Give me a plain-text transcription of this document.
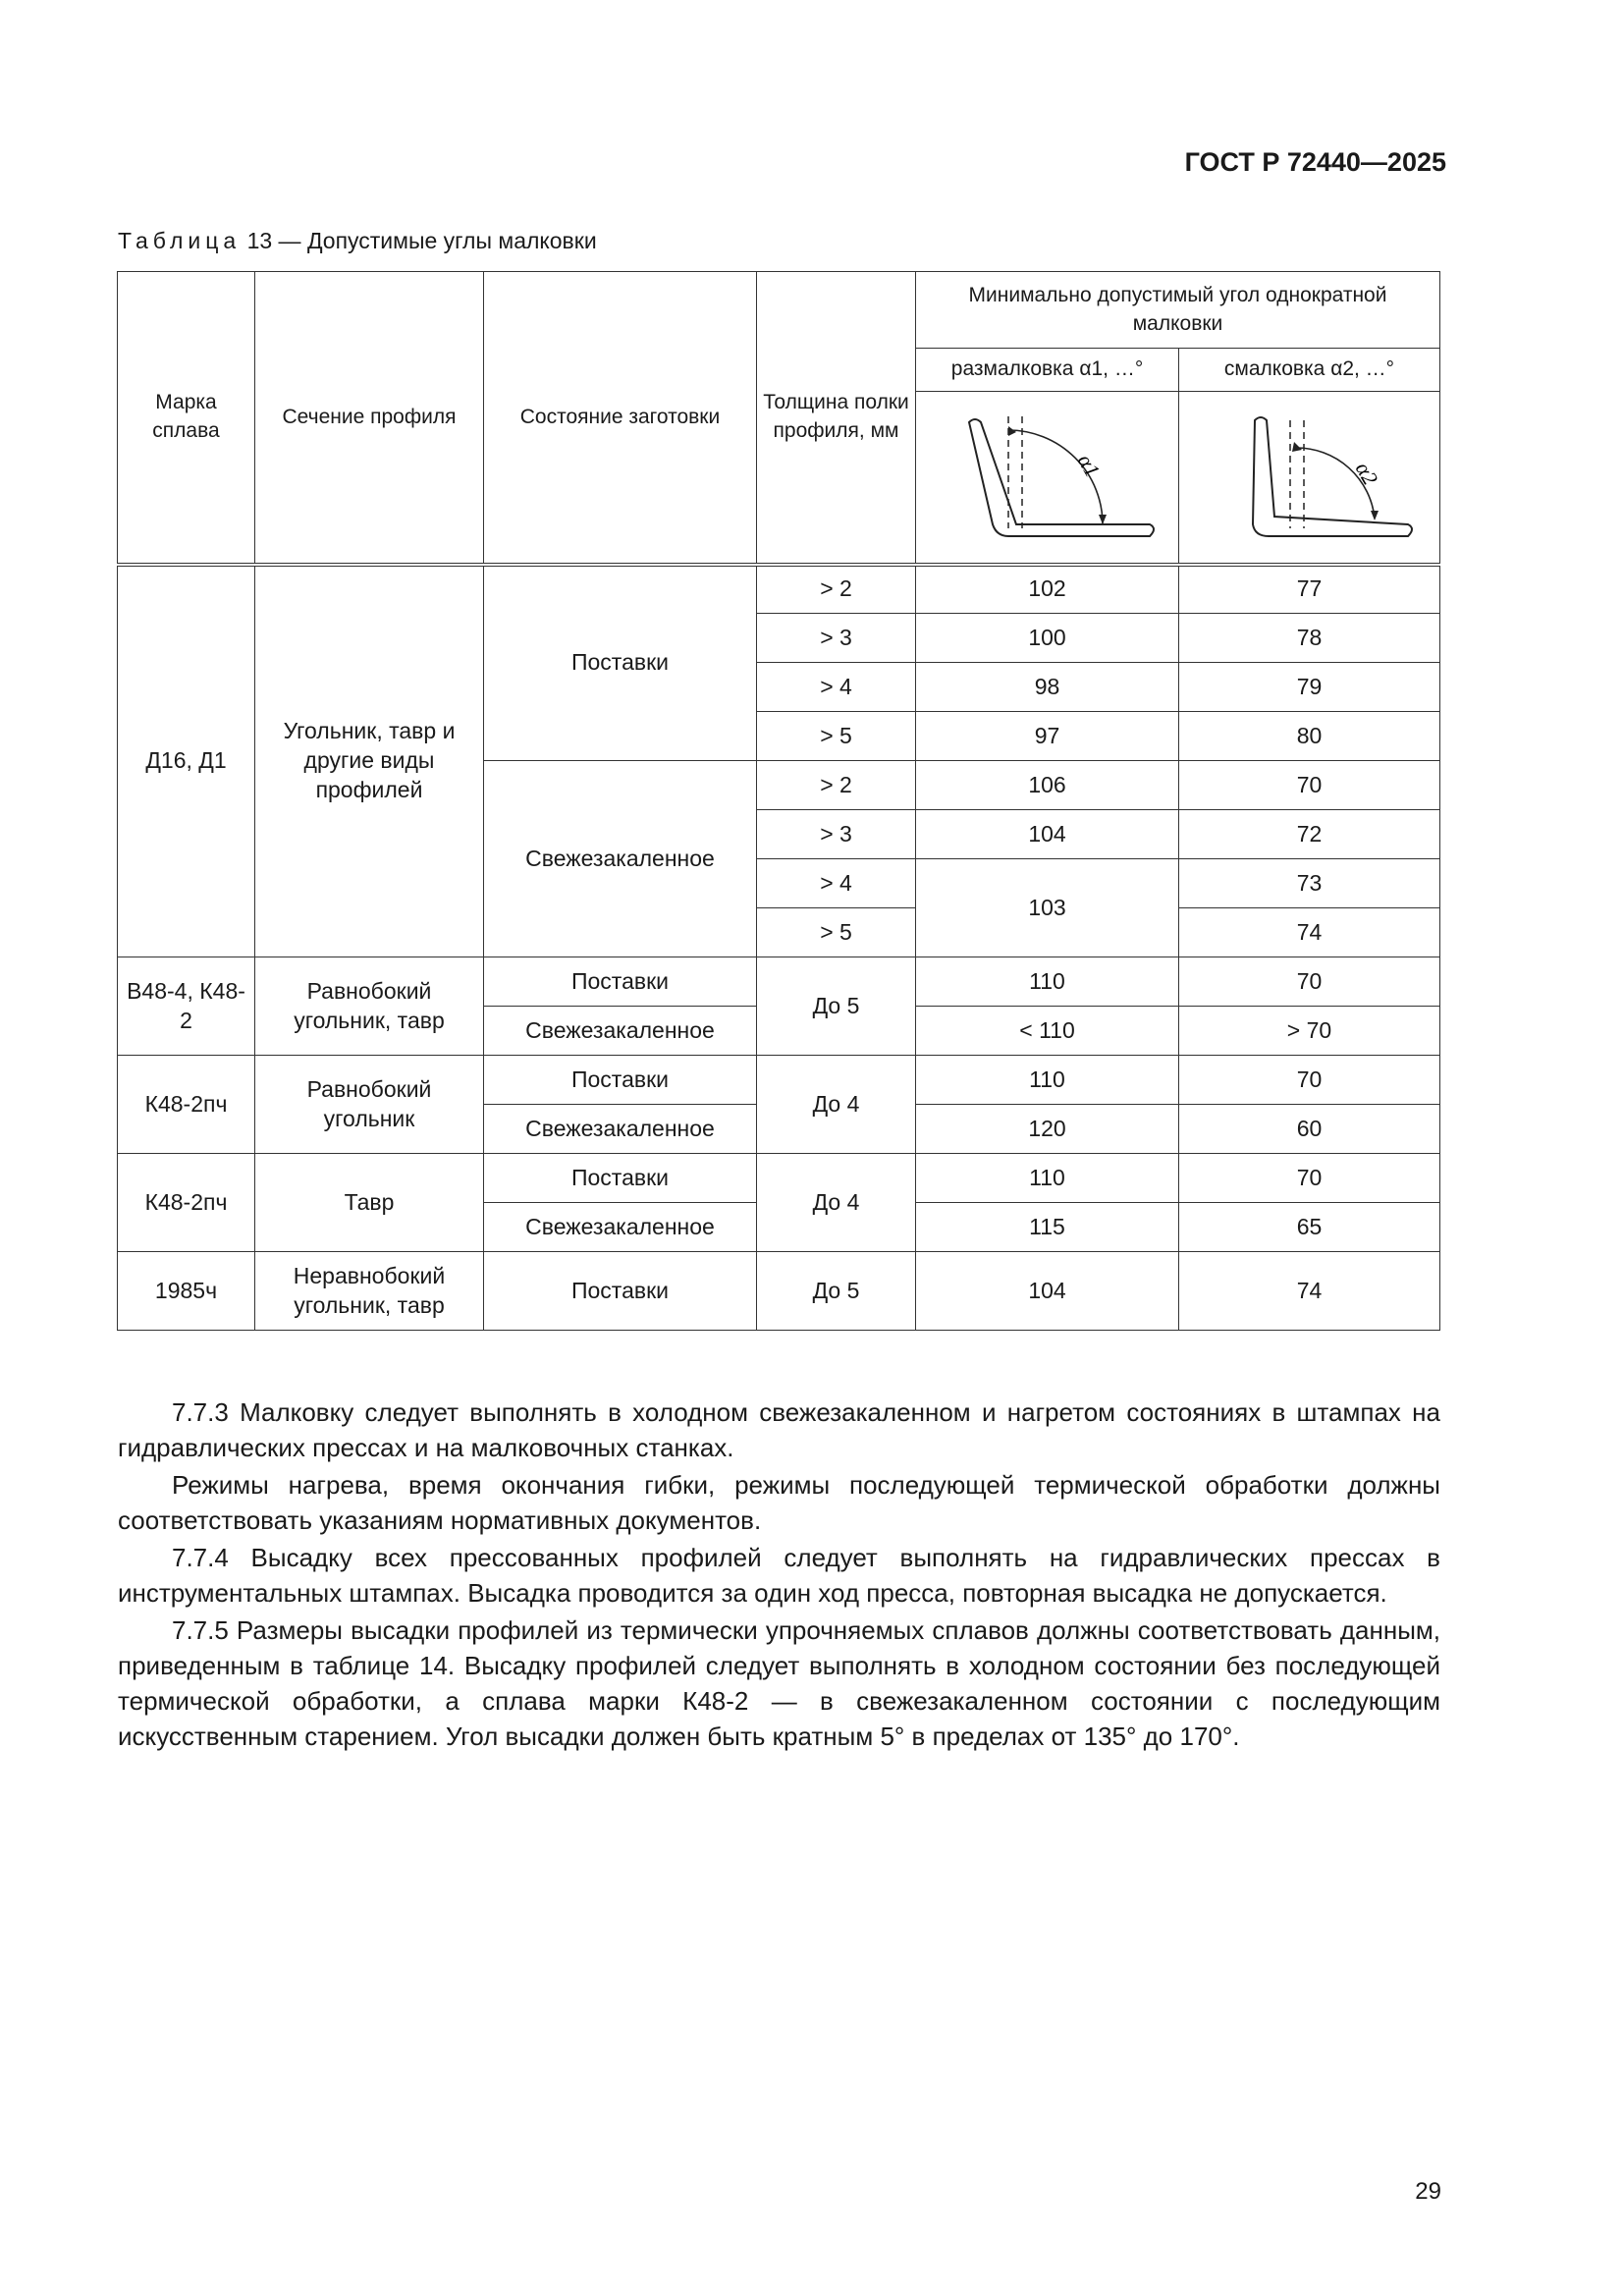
ГОСТ Р 72440—2025
Таблица 13 — Допустимые углы малковки
Марка сплава	Сечение профиля	Состояние заготовки	Толщина полки профиля, мм	Минимально допустимый угол однократной малковки	
				размалковка α1, …°	смалковка α2, …°

α1	α2

Д16, Д1	Угольник, тавр и другие виды профилей	Поставки	> 2	102	77
			> 3	100	78
			> 4	98	79
			> 5	97	80
		Свежезакаленное	> 2	106	70
			> 3	104	72
			> 4	103	73
			> 5		74
В48-4, К48-2	Равнобокий угольник, тавр	Поставки	До 5	110	70
		Свежезакаленное		< 110	> 70
К48-2пч	Равнобокий угольник	Поставки	До 4	110	70
		Свежезакаленное		120	60
К48-2пч	Тавр	Поставки	До 4	110	70
		Свежезакаленное		115	65
1985ч	Неравнобокий угольник, тавр	Поставки	До 5	104	74

7.7.3 Малковку следует выполнять в холодном свежезакаленном и нагретом состояниях в штампах на гидравлических прессах и на малковочных станках.

Режимы нагрева, время окончания гибки, режимы последующей термической обработки должны соответствовать указаниям нормативных документов.

7.7.4 Высадку всех прессованных профилей следует выполнять на гидравлических прессах в инструментальных штампах. Высадка проводится за один ход пресса, повторная высадка не допускается.

7.7.5 Размеры высадки профилей из термически упрочняемых сплавов должны соответствовать данным, приведенным в таблице 14. Высадку профилей следует выполнять в холодном состоянии без последующей термической обработки, а сплава марки К48-2 — в свежезакаленном состоянии с последующим искусственным старением. Угол высадки должен быть кратным 5° в пределах от 135° до 170°.

29
